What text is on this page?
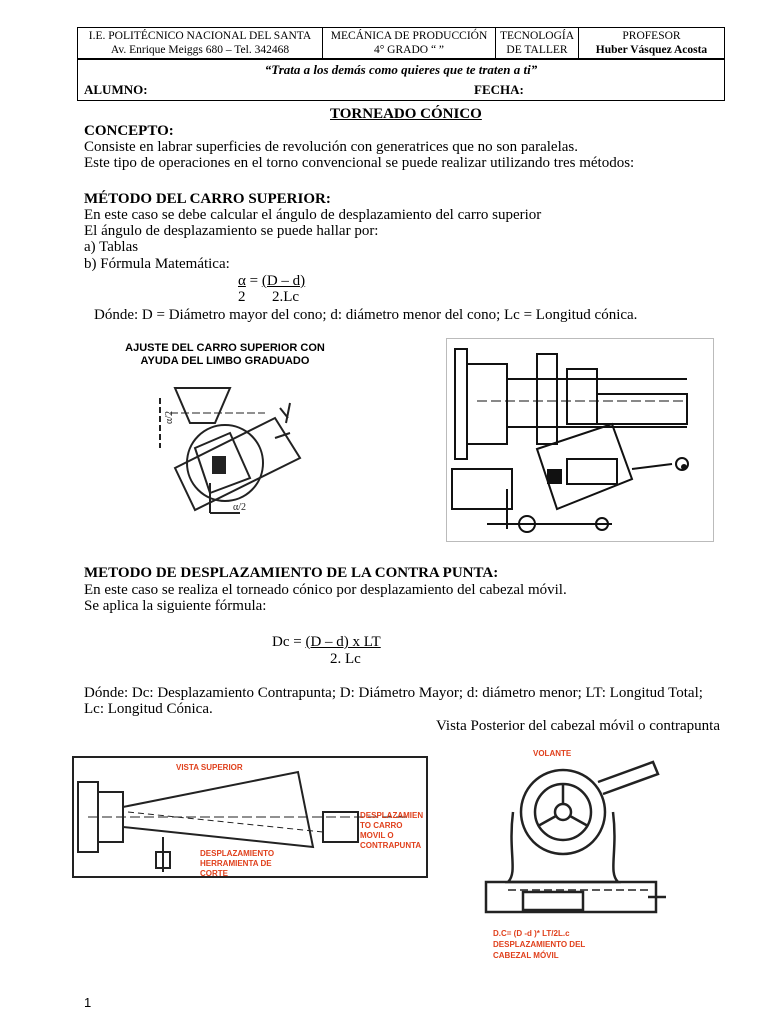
I.E. POLITÉCNICO NACIONAL DEL SANTA
Av. Enrique Meiggs 680 – Tel. 342468

MECÁNICA DE PRODUCCIÓN
4° GRADO “ ”

TECNOLOGÍA
DE TALLER

PROFESOR
Huber Vásquez Acosta
“Trata a los demás como quieres que te traten a ti”
ALUMNO:	FECHA:
TORNEADO CÓNICO
CONCEPTO:
Consiste en labrar superficies de revolución con generatrices que no son paralelas.
Este tipo de operaciones en el torno convencional se puede realizar utilizando tres métodos:
MÉTODO DEL CARRO SUPERIOR:
En este caso se debe calcular el ángulo de desplazamiento del carro superior
El ángulo de desplazamiento se puede hallar por:
a) Tablas
b) Fórmula Matemática:
α = (D – d)
2 2.Lc
Dónde: D = Diámetro mayor del cono; d: diámetro menor del cono; Lc = Longitud cónica.
AJUSTE DEL CARRO SUPERIOR CON
AYUDA DEL LIMBO GRADUADO
α/2
α/2
METODO DE DESPLAZAMIENTO DE LA CONTRA PUNTA:
En este caso se realiza el torneado cónico por desplazamiento del cabezal móvil.
Se aplica la siguiente fórmula:
Dc = (D – d) x LT
2. Lc
Dónde: Dc: Desplazamiento Contrapunta; D: Diámetro Mayor; d: diámetro menor; LT: Longitud Total;
Lc: Longitud Cónica.
Vista Posterior del cabezal móvil o contrapunta
VISTA SUPERIOR
DESPLAZAMIEN
TO CARRO
MOVIL O
CONTRAPUNTA
DESPLAZAMIENTO
HERRAMIENTA DE
CORTE
VOLANTE
D.C= (D -d )* LT/2L.c
DESPLAZAMIENTO DEL
CABEZAL MÓVIL
1
